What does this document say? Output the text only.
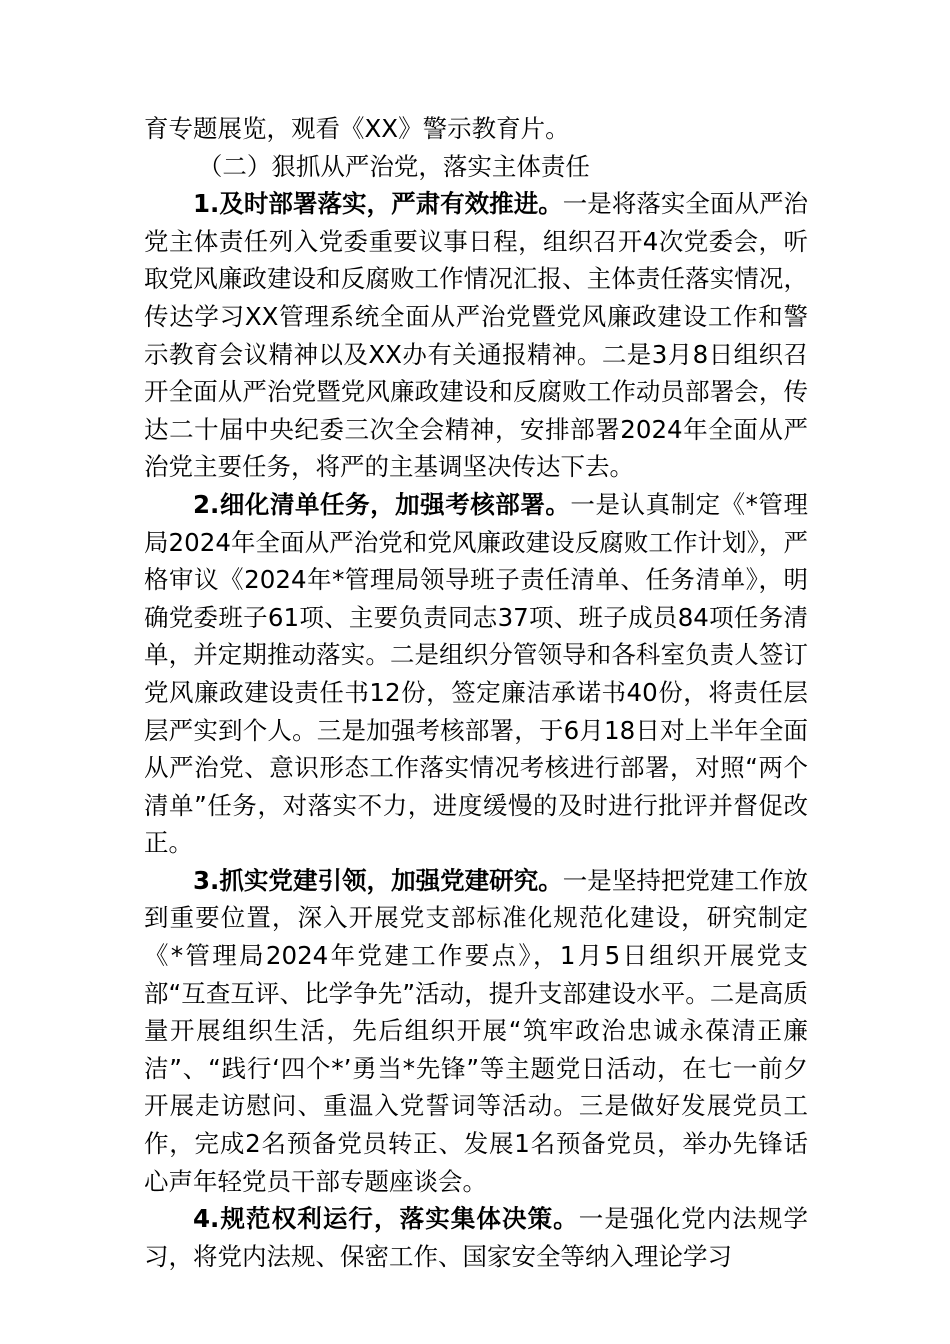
育专题展览，观看《XX》警示教育片。

（二）狠抓从严治党，落实主体责任

1.及时部署落实，严肃有效推进。一是将落实全面从严治党主体责任列入党委重要议事日程，组织召开4次党委会，听取党风廉政建设和反腐败工作情况汇报、主体责任落实情况，传达学习XX管理系统全面从严治党暨党风廉政建设工作和警示教育会议精神以及XX办有关通报精神。二是3月8日组织召开全面从严治党暨党风廉政建设和反腐败工作动员部署会，传达二十届中央纪委三次全会精神，安排部署2024年全面从严治党主要任务，将严的主基调坚决传达下去。

2.细化清单任务，加强考核部署。一是认真制定《*管理局2024年全面从严治党和党风廉政建设反腐败工作计划》，严格审议《2024年*管理局领导班子责任清单、任务清单》，明确党委班子61项、主要负责同志37项、班子成员84项任务清单，并定期推动落实。二是组织分管领导和各科室负责人签订党风廉政建设责任书12份，签定廉洁承诺书40份，将责任层层严实到个人。三是加强考核部署，于6月18日对上半年全面从严治党、意识形态工作落实情况考核进行部署，对照“两个清单”任务，对落实不力，进度缓慢的及时进行批评并督促改正。

3.抓实党建引领，加强党建研究。一是坚持把党建工作放到重要位置，深入开展党支部标准化规范化建设，研究制定《*管理局2024年党建工作要点》，1月5日组织开展党支部“互查互评、比学争先”活动，提升支部建设水平。二是高质量开展组织生活，先后组织开展“筑牢政治忠诚永葆清正廉洁”、“践行‘四个*’勇当*先锋”等主题党日活动，在七一前夕开展走访慰问、重温入党誓词等活动。三是做好发展党员工作，完成2名预备党员转正、发展1名预备党员，举办先锋话心声年轻党员干部专题座谈会。

4.规范权利运行，落实集体决策。一是强化党内法规学习，将党内法规、保密工作、国家安全等纳入理论学习
